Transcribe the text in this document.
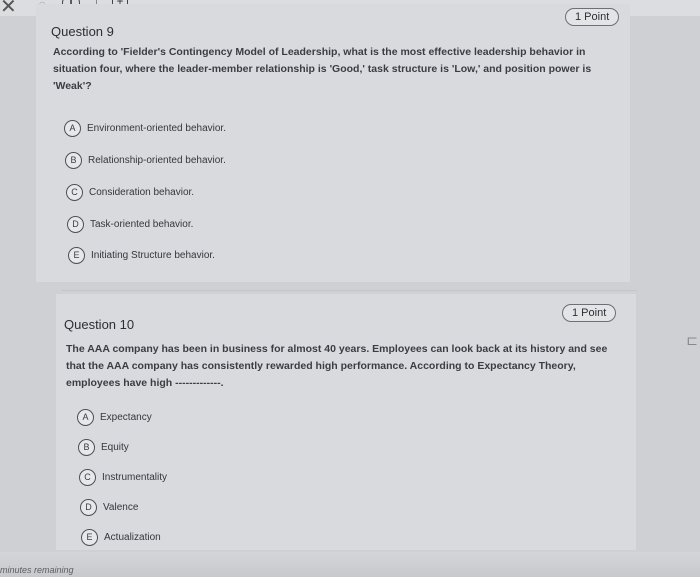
✕	1 Point
Question 9
According to 'Fielder's Contingency Model of Leadership, what is the most effective leadership behavior in
situation four, where the leader-member relationship is 'Good,' task structure is 'Low,' and position power is
'Weak'?
A	Environment-oriented behavior.
B	Relationship-oriented behavior.
C	Consideration behavior.
D	Task-oriented behavior.
E	Initiating Structure behavior.
1 Point
Question 10
The AAA company has been in business for almost 40 years. Employees can look back at its history and see
that the AAA company has consistently rewarded high performance. According to Expectancy Theory,
employees have high -------------.
A	Expectancy
B	Equity
C	Instrumentality
D	Valence
E	Actualization
⊏
minutes remaining
